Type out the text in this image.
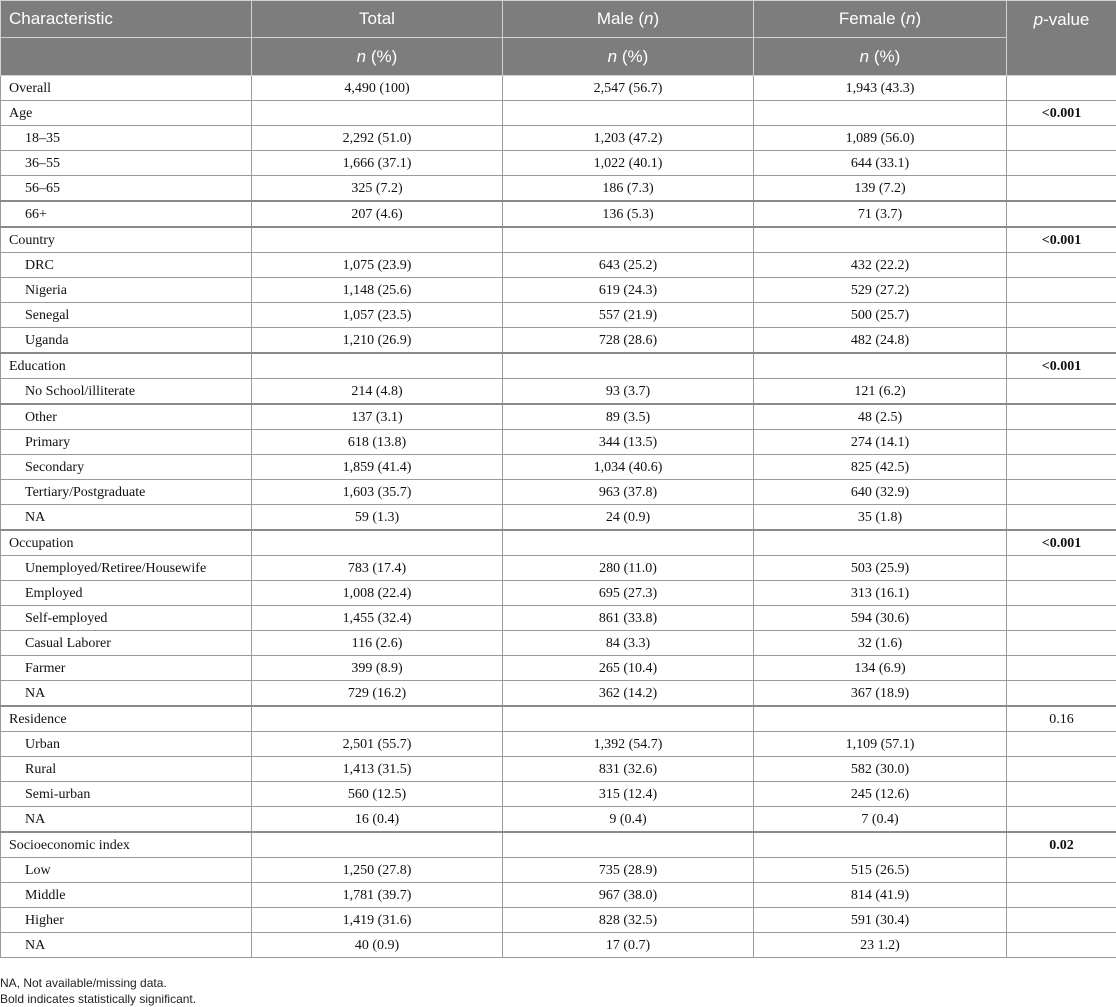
Characteristic	Total	Male (n)	Female (n)	p-value
	n (%)	n (%)	n (%)	
Overall	4,490 (100)	2,547 (56.7)	1,943 (43.3)	
Age				<0.001
18–35	2,292 (51.0)	1,203 (47.2)	1,089 (56.0)	
36–55	1,666 (37.1)	1,022 (40.1)	644 (33.1)	
56–65	325 (7.2)	186 (7.3)	139 (7.2)	
66+	207 (4.6)	136 (5.3)	71 (3.7)	
Country				<0.001
DRC	1,075 (23.9)	643 (25.2)	432 (22.2)	
Nigeria	1,148 (25.6)	619 (24.3)	529 (27.2)	
Senegal	1,057 (23.5)	557 (21.9)	500 (25.7)	
Uganda	1,210 (26.9)	728 (28.6)	482 (24.8)	
Education				<0.001
No School/illiterate	214 (4.8)	93 (3.7)	121 (6.2)	
Other	137 (3.1)	89 (3.5)	48 (2.5)	
Primary	618 (13.8)	344 (13.5)	274 (14.1)	
Secondary	1,859 (41.4)	1,034 (40.6)	825 (42.5)	
Tertiary/Postgraduate	1,603 (35.7)	963 (37.8)	640 (32.9)	
NA	59 (1.3)	24 (0.9)	35 (1.8)	
Occupation				<0.001
Unemployed/Retiree/Housewife	783 (17.4)	280 (11.0)	503 (25.9)	
Employed	1,008 (22.4)	695 (27.3)	313 (16.1)	
Self-employed	1,455 (32.4)	861 (33.8)	594 (30.6)	
Casual Laborer	116 (2.6)	84 (3.3)	32 (1.6)	
Farmer	399 (8.9)	265 (10.4)	134 (6.9)	
NA	729 (16.2)	362 (14.2)	367 (18.9)	
Residence				0.16
Urban	2,501 (55.7)	1,392 (54.7)	1,109 (57.1)	
Rural	1,413 (31.5)	831 (32.6)	582 (30.0)	
Semi-urban	560 (12.5)	315 (12.4)	245 (12.6)	
NA	16 (0.4)	9 (0.4)	7 (0.4)	
Socioeconomic index				0.02
Low	1,250 (27.8)	735 (28.9)	515 (26.5)	
Middle	1,781 (39.7)	967 (38.0)	814 (41.9)	
Higher	1,419 (31.6)	828 (32.5)	591 (30.4)	
NA	40 (0.9)	17 (0.7)	23 1.2)	
NA, Not available/missing data.
Bold indicates statistically significant.
